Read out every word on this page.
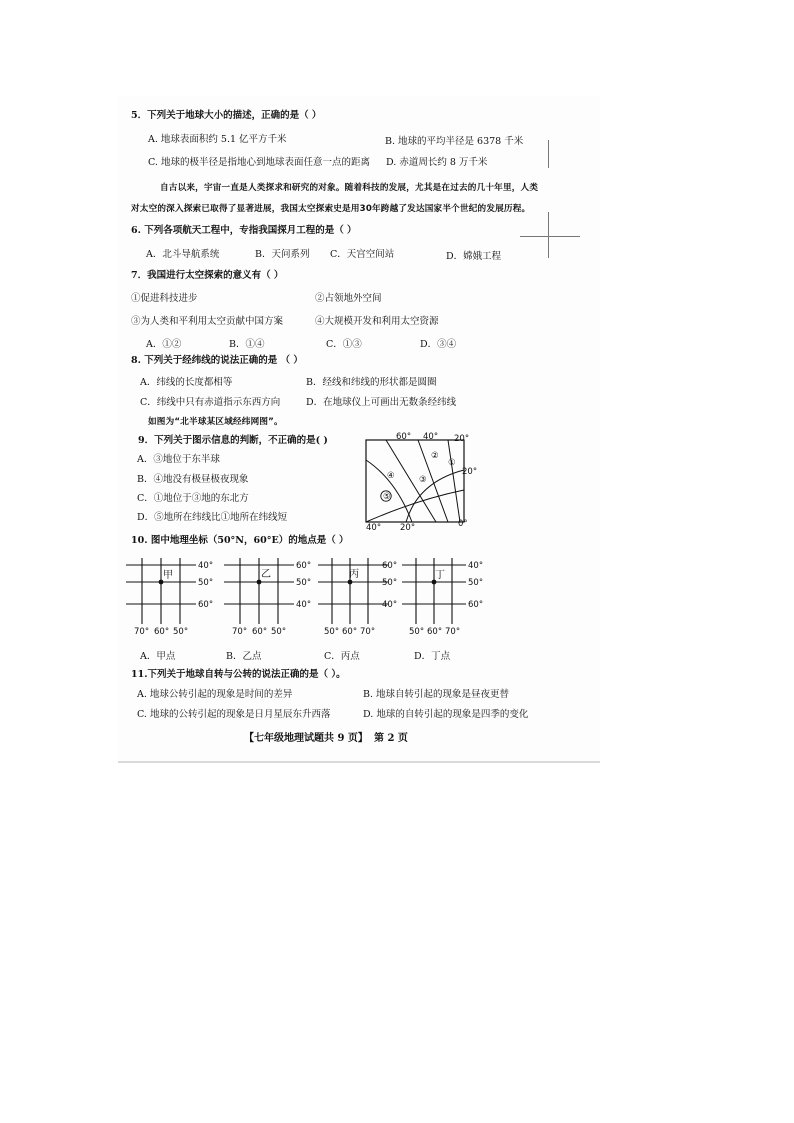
5．下列关于地球大小的描述，正确的是（ ）
A. 地球表面积约 5.1 亿平方千米	B. 地球的平均半径是 6378 千米
C. 地球的极半径是指地心到地球表面任意一点的距离 D. 赤道周长约 8 万千米
自古以来，宇宙一直是人类探求和研究的对象。随着科技的发展，尤其是在过去的几十年里，人类
对太空的深入探索已取得了显著进展，我国太空探索史是用30年跨越了发达国家半个世纪的发展历程。
6. 下列各项航天工程中，专指我国探月工程的是（ ）
A．北斗导航系统	B．天问系列 C．天宫空间站	D．嫦娥工程
7．我国进行太空探索的意义有（ ）
①促进科技进步	②占领地外空间
③为人类和平利用太空贡献中国方案	④大规模开发和利用太空资源
A．①②	B．①④	C．①③	D．③④
8. 下列关于经纬线的说法正确的是 （ ）
A．纬线的长度都相等	B．经线和纬线的形状都是圆圈
C．纬线中只有赤道指示东西方向	D．在地球仪上可画出无数条经纬线
如图为“北半球某区域经纬网图”。
9．下列关于图示信息的判断，不正确的是( )
A．③地位于东半球
B．④地没有极昼极夜现象
C．①地位于③地的东北方
D．⑤地所在纬线比①地所在纬线短
⑤
④	③
②
①
60° 40° 20°
20°
40° 20°	0°
10. 图中地理坐标（50°N，60°E）的地点是（ ）
甲
40°
50°
60°
70° 60° 50°
乙
60°
50°
40°
70° 60° 50°
丙
60°
50°
40°
50° 60° 70°
丁
40°
50°
60°
50° 60° 70°
A．甲点	B．乙点	C．丙点	D．丁点
11.下列关于地球自转与公转的说法正确的是（ ）。
A. 地球公转引起的现象是时间的差异	B. 地球自转引起的现象是昼夜更替
C. 地球的公转引起的现象是日月星辰东升西落	D. 地球的自转引起的现象是四季的变化
【七年级地理试题共 9 页】 第 2 页
